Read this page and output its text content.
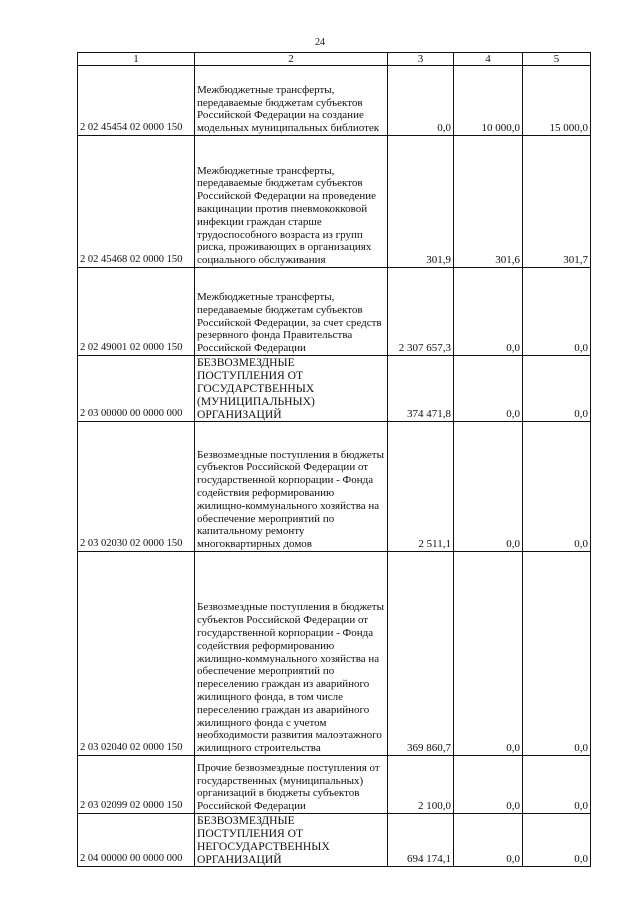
24
1	2	3	4	5
2 02 45454 02 0000 150	Межбюджетные трансферты, передаваемые бюджетам субъектов Российской Федерации на создание модельных муниципальных библиотек	0,0	10 000,0	15 000,0
2 02 45468 02 0000 150	Межбюджетные трансферты, передаваемые бюджетам субъектов Российской Федерации на проведение вакцинации против пневмококковой инфекции граждан старше трудоспособного возраста из групп риска, проживающих в организациях социального обслуживания	301,9	301,6	301,7
2 02 49001 02 0000 150	Межбюджетные трансферты, передаваемые бюджетам субъектов Российской Федерации, за счет средств резервного фонда Правительства Российской Федерации	2 307 657,3	0,0	0,0
2 03 00000 00 0000 000	БЕЗВОЗМЕЗДНЫЕ ПОСТУПЛЕНИЯ ОТ ГОСУДАРСТВЕННЫХ (МУНИЦИПАЛЬНЫХ) ОРГАНИЗАЦИЙ	374 471,8	0,0	0,0
2 03 02030 02 0000 150	Безвозмездные поступления в бюджеты субъектов Российской Федерации от государственной корпорации - Фонда содействия реформированию жилищно-коммунального хозяйства на обеспечение мероприятий по капитальному ремонту многоквартирных домов	2 511,1	0,0	0,0
2 03 02040 02 0000 150	Безвозмездные поступления в бюджеты субъектов Российской Федерации от государственной корпорации - Фонда содействия реформированию жилищно-коммунального хозяйства на обеспечение мероприятий по переселению граждан из аварийного жилищного фонда, в том числе переселению граждан из аварийного жилищного фонда с учетом необходимости развития малоэтажного жилищного строительства	369 860,7	0,0	0,0
2 03 02099 02 0000 150	Прочие безвозмездные поступления от государственных (муниципальных) организаций в бюджеты субъектов Российской Федерации	2 100,0	0,0	0,0
2 04 00000 00 0000 000	БЕЗВОЗМЕЗДНЫЕ ПОСТУПЛЕНИЯ ОТ НЕГОСУДАРСТВЕННЫХ ОРГАНИЗАЦИЙ	694 174,1	0,0	0,0
